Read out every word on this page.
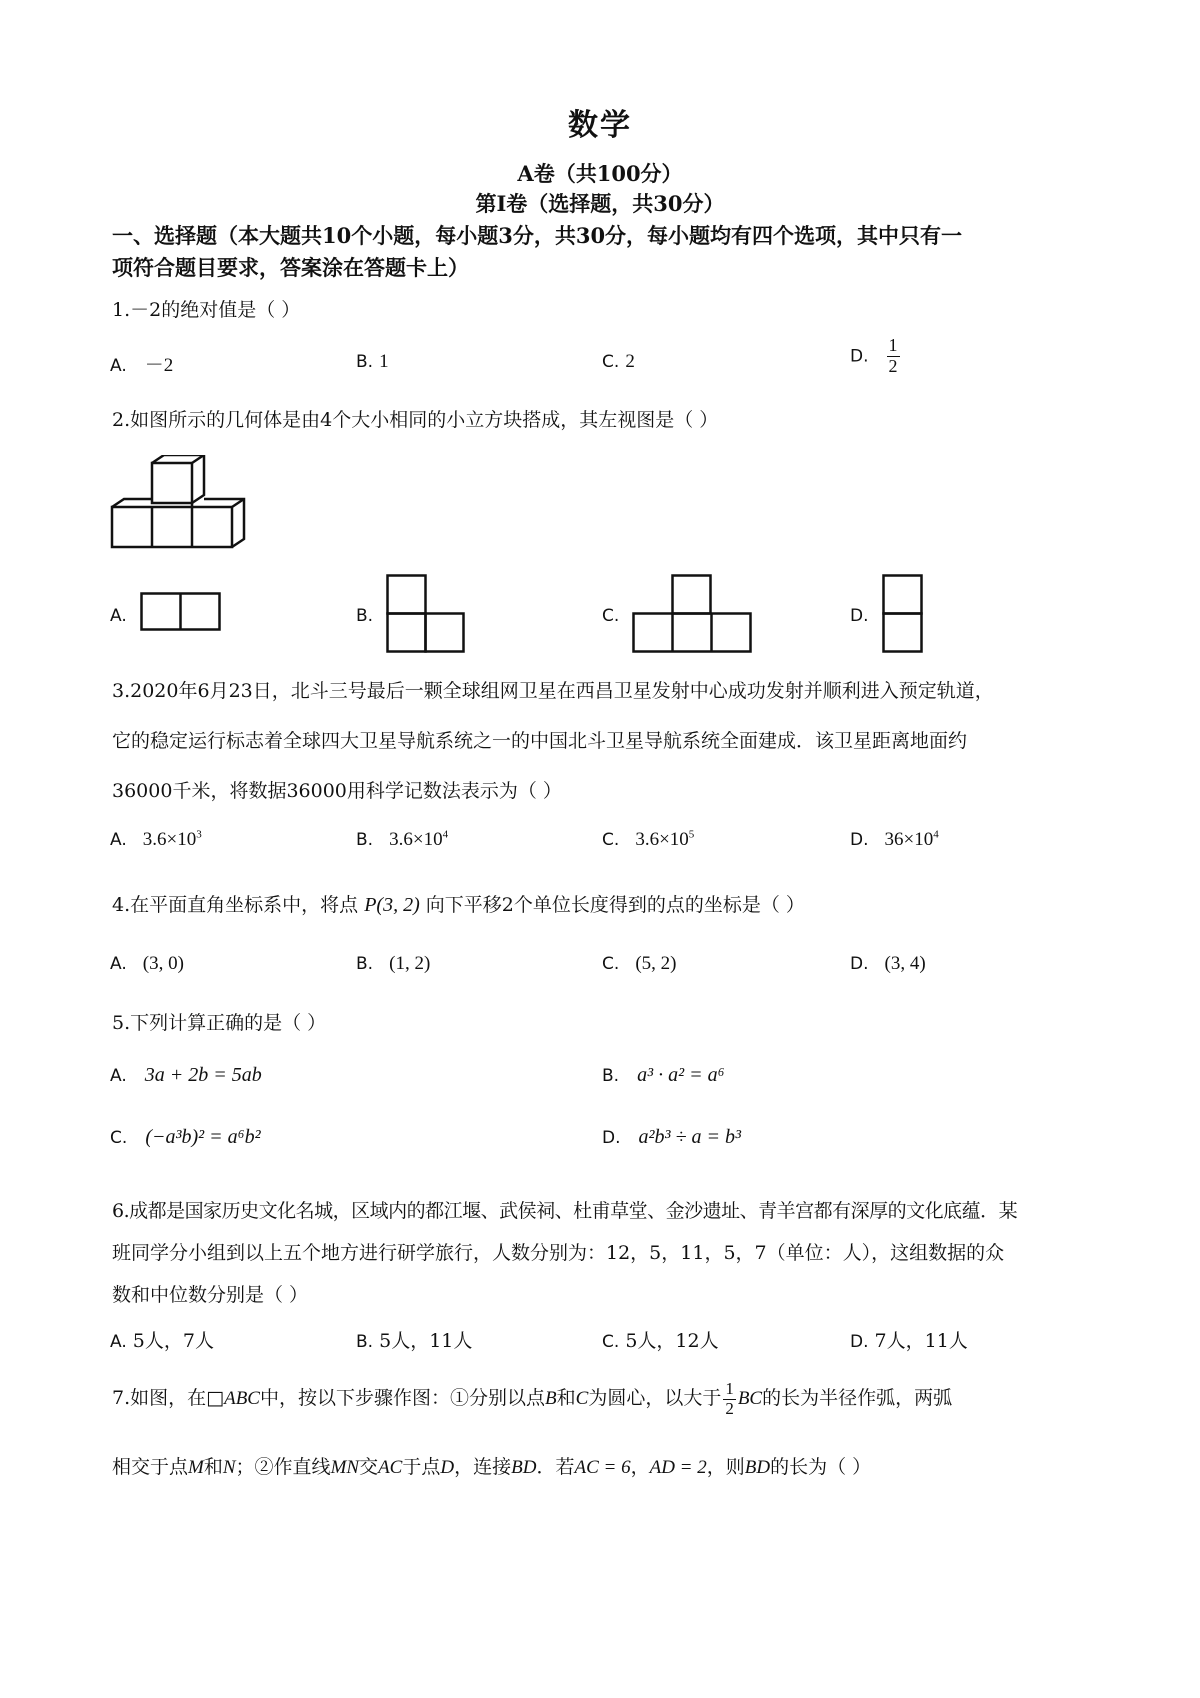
数学
A卷（共100分）
第Ⅰ卷（选择题，共30分）
一、选择题（本大题共10个小题，每小题3分，共30分，每小题均有四个选项，其中只有一
项符合题目要求，答案涂在答题卡上）
1.－2的绝对值是（ ）
A. －2	B. 1	C. 2	D. $\frac{1}{2}$
2.如图所示的几何体是由4个大小相同的小立方块搭成，其左视图是（ ）
A.	B.	C.	D.
3.2020年6月23日，北斗三号最后一颗全球组网卫星在西昌卫星发射中心成功发射并顺利进入预定轨道，
它的稳定运行标志着全球四大卫星导航系统之一的中国北斗卫星导航系统全面建成．该卫星距离地面约
36000千米，将数据36000用科学记数法表示为（ ）
A. $3.6\times 10^3$	B. $3.6\times 10^4$	C. $3.6\times 10^5$	D. $36\times 10^4$
4.在平面直角坐标系中，将点 P(3, 2) 向下平移2个单位长度得到的点的坐标是（ ）
A. (3, 0)	B. (1, 2)	C. (5, 2)	D. (3, 4)
5.下列计算正确的是（ ）
A. 3a + 2b = 5ab	B. a³ · a² = a⁶
C. (−a³b)² = a⁶b²	D. a²b³ ÷ a = b³
6.成都是国家历史文化名城，区域内的都江堰、武侯祠、杜甫草堂、金沙遗址、青羊宫都有深厚的文化底蕴．某
班同学分小组到以上五个地方进行研学旅行，人数分别为：12，5，11，5，7（单位：人），这组数据的众
数和中位数分别是（ ）
A. 5人，7人	B. 5人，11人	C. 5人，12人	D. 7人，11人
7.如图，在□ABC中，按以下步骤作图：①分别以点B和C为圆心，以大于 $\frac{1}{2}$ BC的长为半径作弧，两弧
相交于点M和N；②作直线MN交AC于点D，连接BD．若AC = 6，AD = 2，则BD的长为（ ）
